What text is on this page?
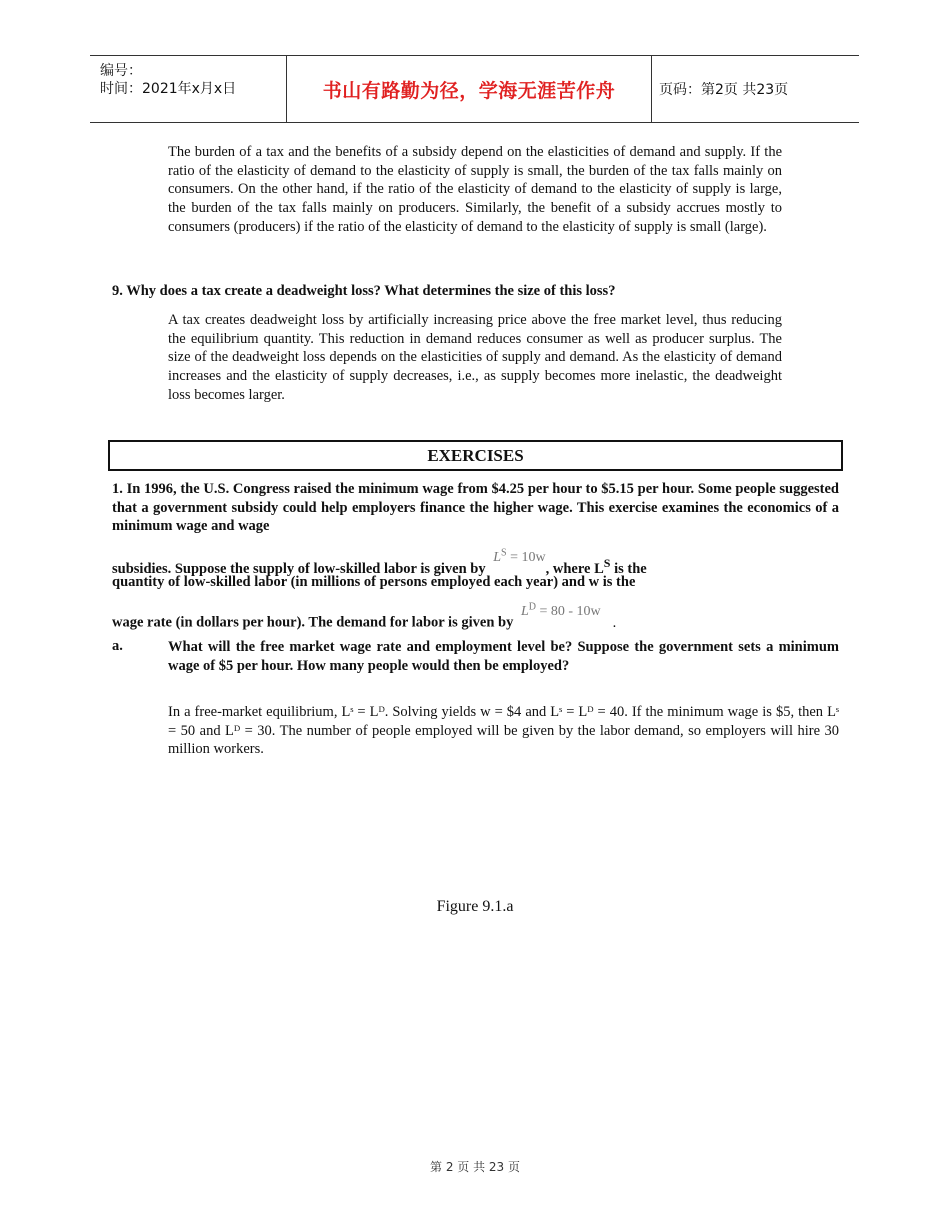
编号：
时间：2021年x月x日	书山有路勤为径，学海无涯苦作舟	页码：第2页 共23页
The burden of a tax and the benefits of a subsidy depend on the elasticities of demand and supply. If the ratio of the elasticity of demand to the elasticity of supply is small, the burden of the tax falls mainly on consumers. On the other hand, if the ratio of the elasticity of demand to the elasticity of supply is large, the burden of the tax falls mainly on producers. Similarly, the benefit of a subsidy accrues mostly to consumers (producers) if the ratio of the elasticity of demand to the elasticity of supply is small (large).
9. Why does a tax create a deadweight loss? What determines the size of this loss?
A tax creates deadweight loss by artificially increasing price above the free market level, thus reducing the equilibrium quantity. This reduction in demand reduces consumer as well as producer surplus. The size of the deadweight loss depends on the elasticities of supply and demand. As the elasticity of demand increases and the elasticity of supply decreases, i.e., as supply becomes more inelastic, the deadweight loss becomes larger.
EXERCISES
1. In 1996, the U.S. Congress raised the minimum wage from $4.25 per hour to $5.15 per hour. Some people suggested that a government subsidy could help employers finance the higher wage. This exercise examines the economics of a minimum wage and wage
subsidies. Suppose the supply of low-skilled labor is given by $L^S = 10w$, where $L^S$ is the
quantity of low-skilled labor (in millions of persons employed each year) and w is the
wage rate (in dollars per hour). The demand for labor is given by $L^D = 80 - 10w$.
a.	What will the free market wage rate and employment level be? Suppose the government sets a minimum wage of $5 per hour. How many people would then be employed?
In a free-market equilibrium, Lˢ = Lᴰ. Solving yields w = $4 and Lˢ = Lᴰ = 40. If the minimum wage is $5, then Lˢ = 50 and Lᴰ = 30. The number of people employed will be given by the labor demand, so employers will hire 30 million workers.
Figure 9.1.a
第 2 页 共 23 页
